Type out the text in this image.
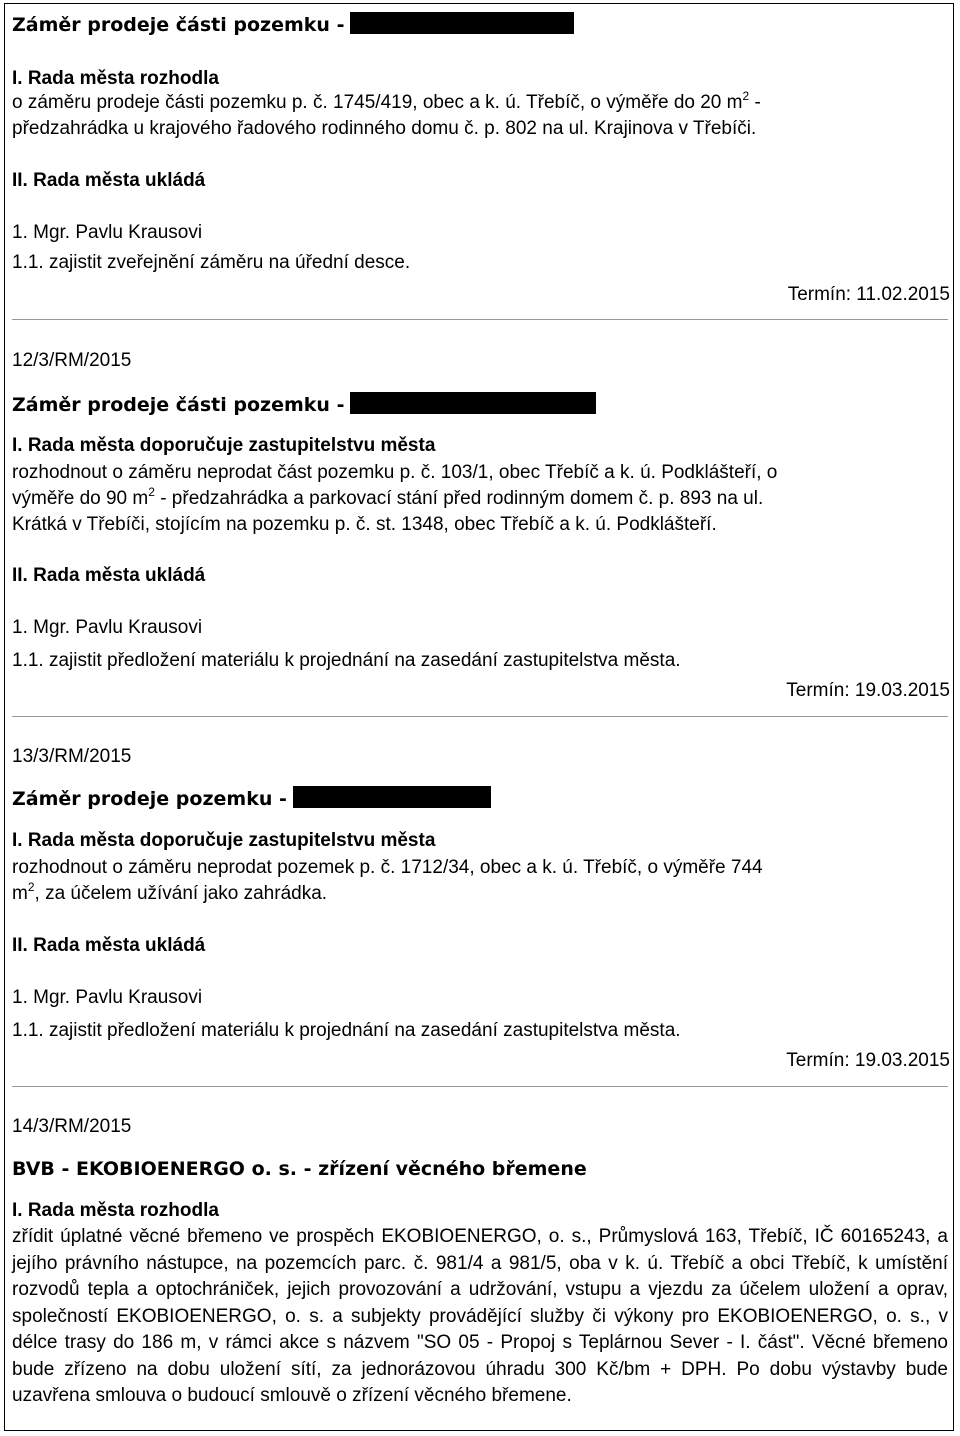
Záměr prodeje části pozemku -
I. Rada města rozhodla
o záměru prodeje části pozemku p. č. 1745/419, obec a k. ú. Třebíč, o výměře do 20 $m^2$ -
předzahrádka u krajového řadového rodinného domu č. p. 802 na ul. Krajinova v Třebíči.
II. Rada města ukládá
1. Mgr. Pavlu Krausovi
1.1. zajistit zveřejnění záměru na úřední desce.
Termín: 11.02.2015
12/3/RM/2015
Záměr prodeje části pozemku -
I. Rada města doporučuje zastupitelstvu města
rozhodnout o záměru neprodat část pozemku p. č. 103/1, obec Třebíč a k. ú. Podklášteří, o
výměře do 90 $m^2$ - předzahrádka a parkovací stání před rodinným domem č. p. 893 na ul.
Krátká v Třebíči, stojícím na pozemku p. č. st. 1348, obec Třebíč a k. ú. Podklášteří.
II. Rada města ukládá
1. Mgr. Pavlu Krausovi
1.1. zajistit předložení materiálu k projednání na zasedání zastupitelstva města.
Termín: 19.03.2015
13/3/RM/2015
Záměr prodeje pozemku -
I. Rada města doporučuje zastupitelstvu města
rozhodnout o záměru neprodat pozemek p. č. 1712/34, obec a k. ú. Třebíč, o výměře 744
$m^2$, za účelem užívání jako zahrádka.
II. Rada města ukládá
1. Mgr. Pavlu Krausovi
1.1. zajistit předložení materiálu k projednání na zasedání zastupitelstva města.
Termín: 19.03.2015
14/3/RM/2015
BVB - EKOBIOENERGO o. s. - zřízení věcného břemene
I. Rada města rozhodla
zřídit úplatné věcné břemeno ve prospěch EKOBIOENERGO, o. s., Průmyslová 163, Třebíč, IČ 60165243, a jejího právního nástupce, na pozemcích parc. č. 981/4 a 981/5, oba v k. ú. Třebíč a obci Třebíč, k umístění rozvodů tepla a optochrániček, jejich provozování a udržování, vstupu a vjezdu za účelem uložení a oprav, společností EKOBIOENERGO, o. s. a subjekty provádějící služby či výkony pro EKOBIOENERGO, o. s., v délce trasy do 186 m, v rámci akce s názvem "SO 05 - Propoj s Teplárnou Sever - I. část". Věcné břemeno bude zřízeno na dobu uložení sítí, za jednorázovou úhradu 300 Kč/bm + DPH. Po dobu výstavby bude uzavřena smlouva o budoucí smlouvě o zřízení věcného břemene.
